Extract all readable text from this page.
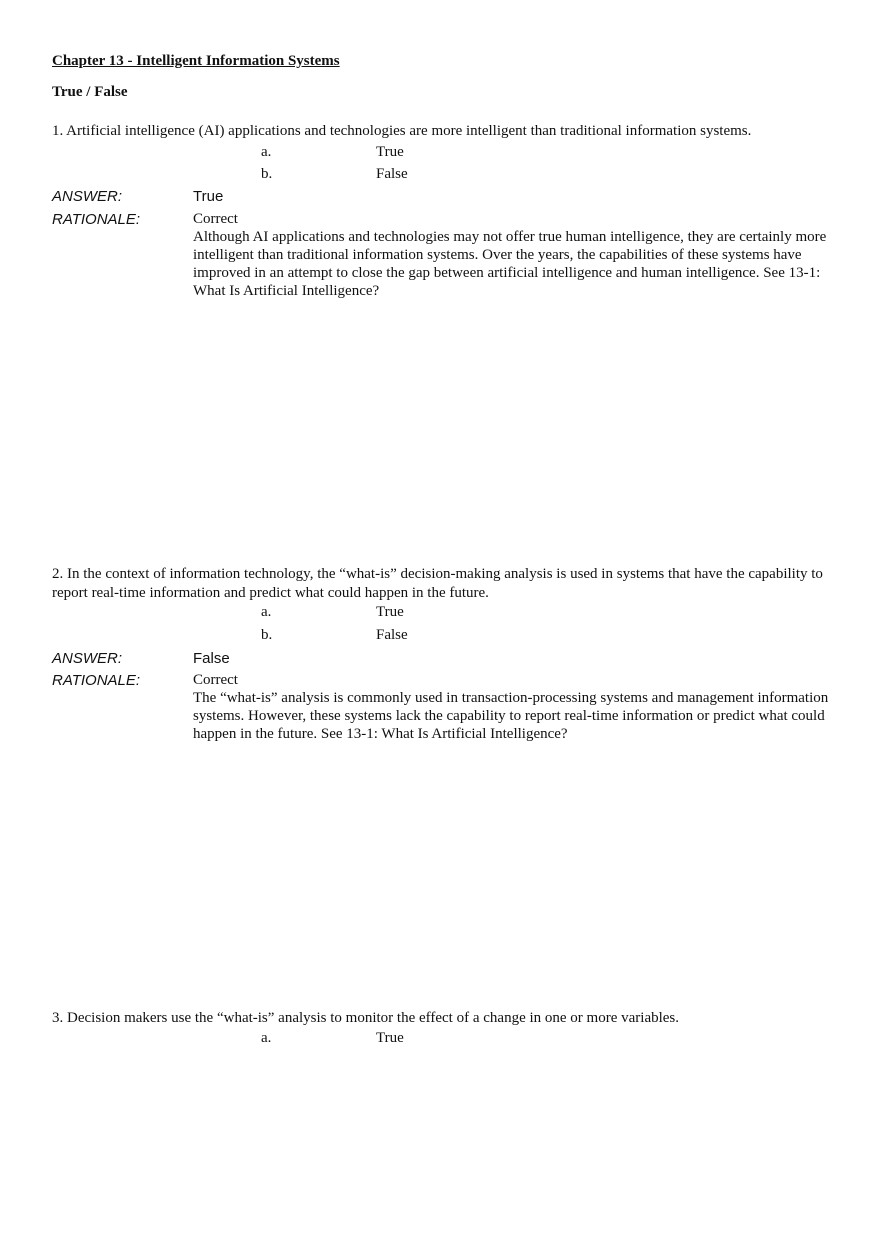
Chapter 13 - Intelligent Information Systems
True / False
1. Artificial intelligence (AI) applications and technologies are more intelligent than traditional information systems.
a.	True
b.	False
ANSWER:	True
RATIONALE:	Correct
Although AI applications and technologies may not offer true human intelligence, they are certainly more intelligent than traditional information systems. Over the years, the capabilities of these systems have improved in an attempt to close the gap between artificial intelligence and human intelligence. See 13-1: What Is Artificial Intelligence?
2. In the context of information technology, the “what-is” decision-making analysis is used in systems that have the capability to report real-time information and predict what could happen in the future.
a.	True
b.	False
ANSWER:	False
RATIONALE:	Correct
The “what-is” analysis is commonly used in transaction-processing systems and management information systems. However, these systems lack the capability to report real-time information or predict what could happen in the future. See 13-1: What Is Artificial Intelligence?
3. Decision makers use the “what-is” analysis to monitor the effect of a change in one or more variables.
a.	True
